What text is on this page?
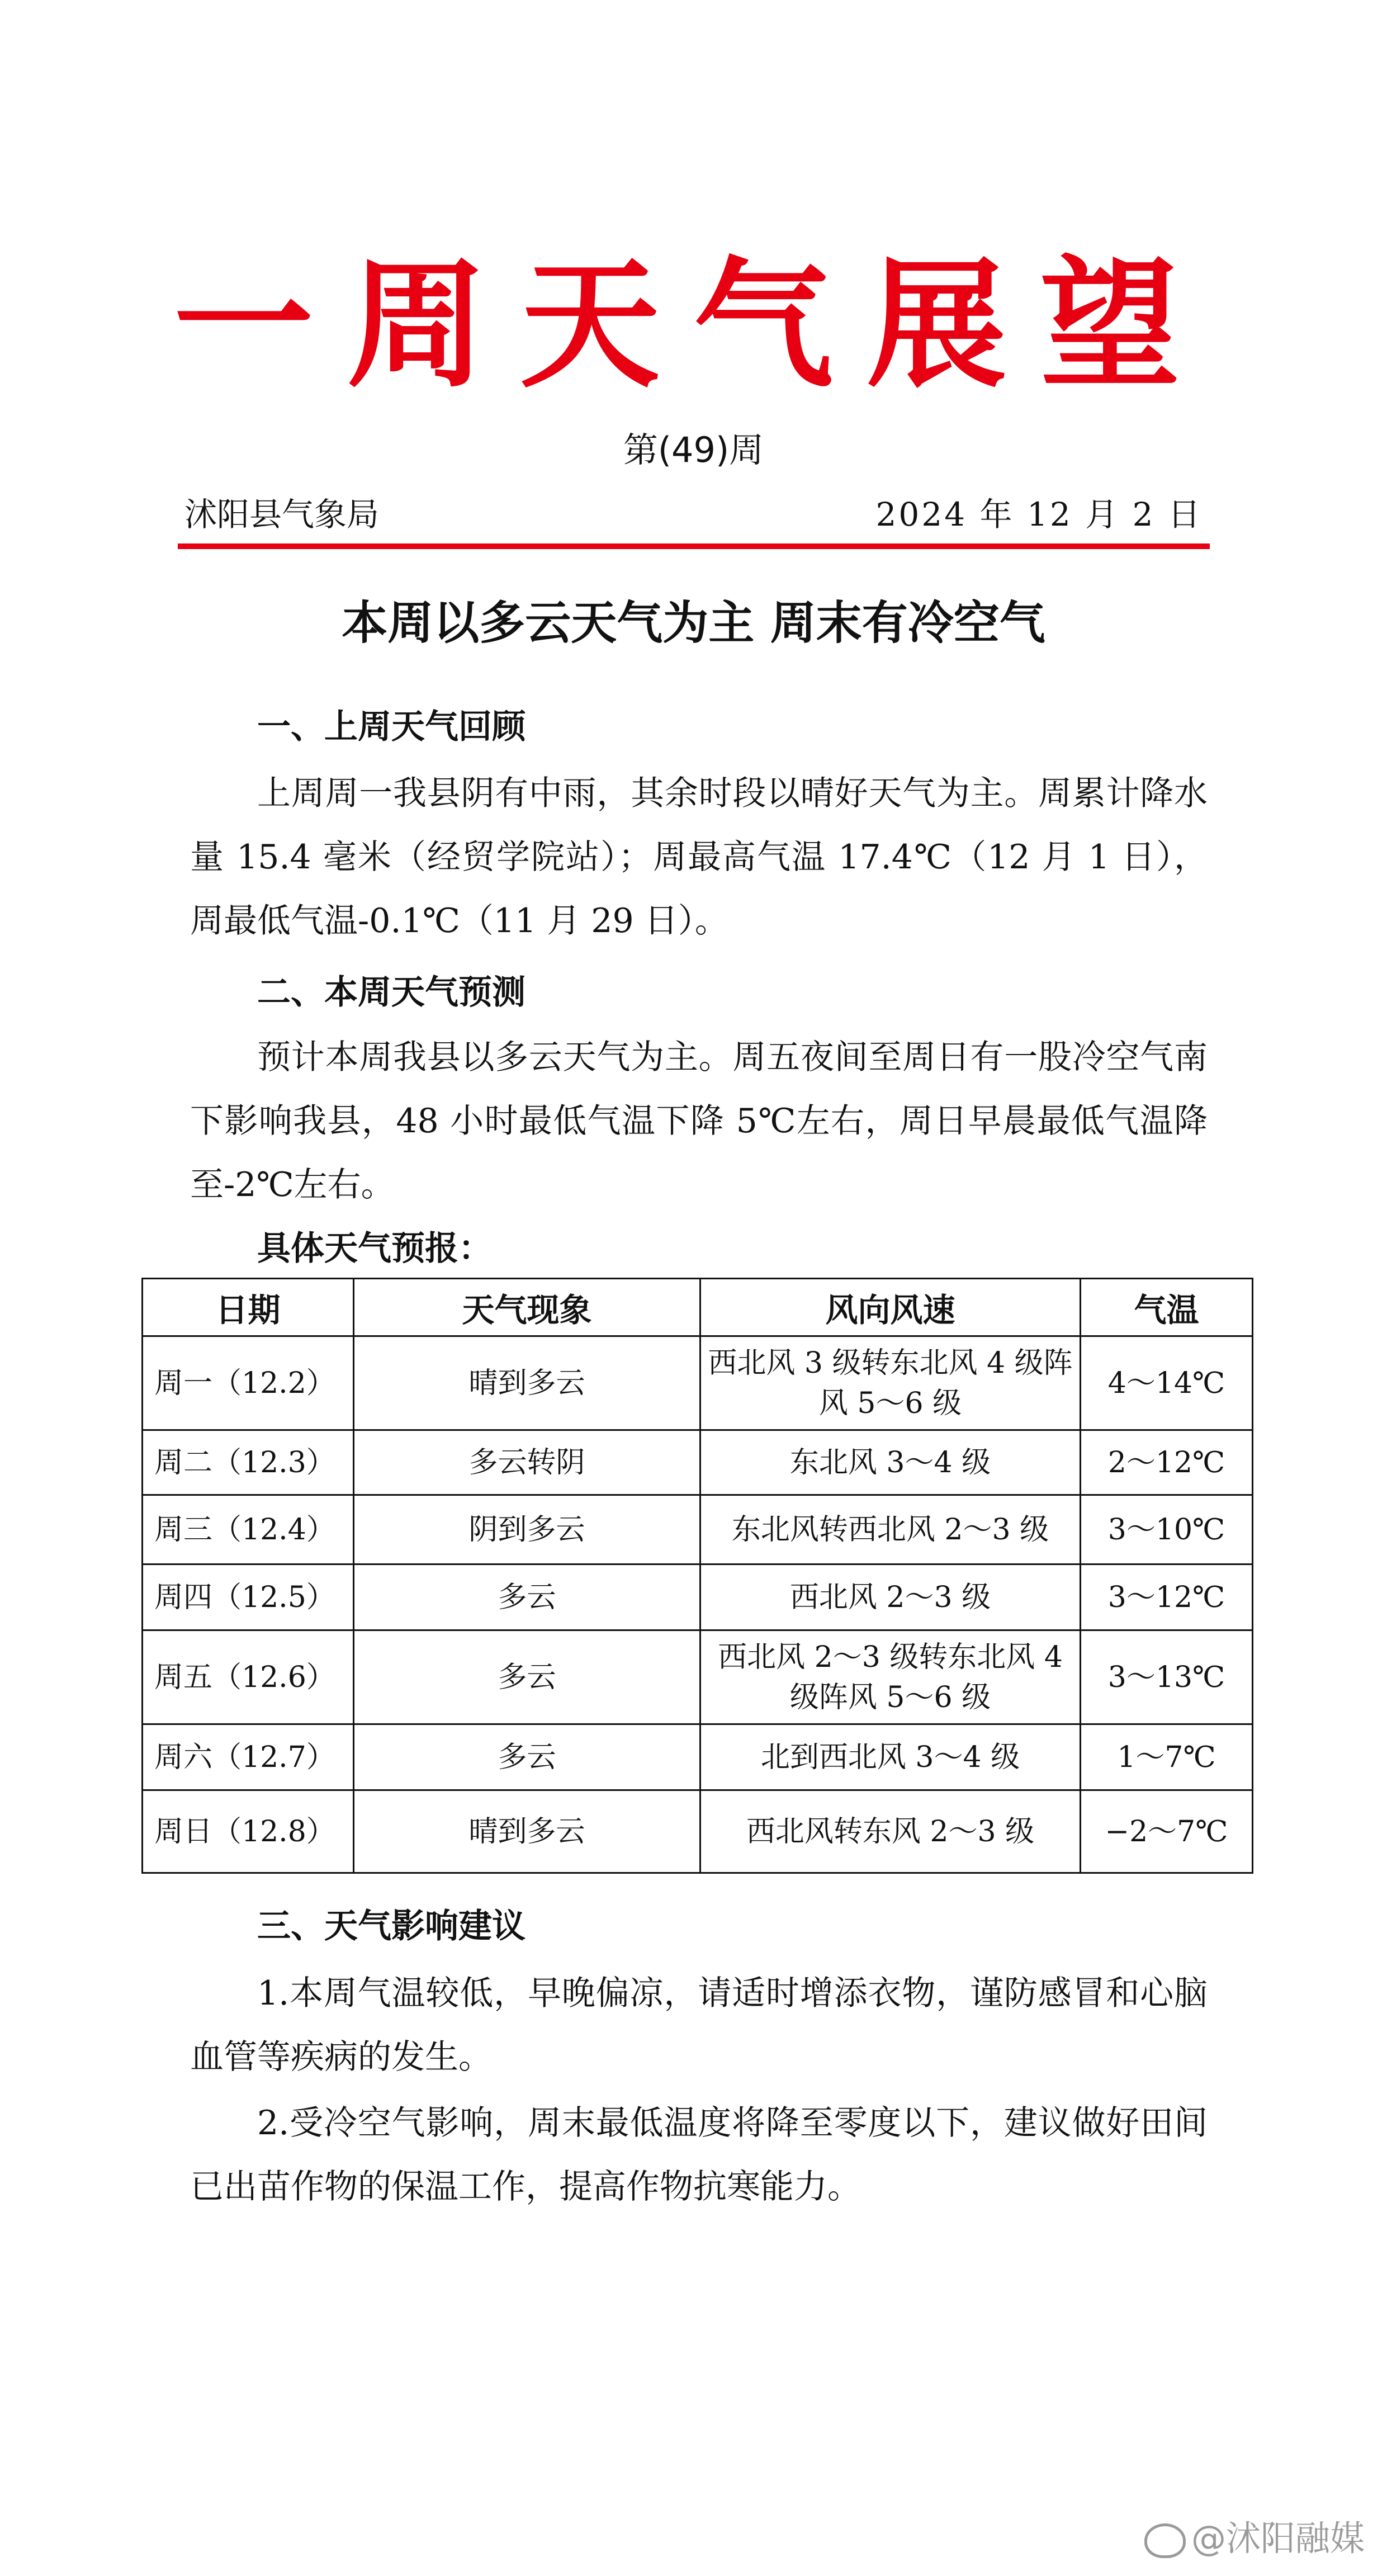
一周天气展望
第(49)周
沭阳县气象局	2024 年 12 月 2 日
本周以多云天气为主 周末有冷空气
一、上周天气回顾

上周周一我县阴有中雨，其余时段以晴好天气为主。周累计降水量 15.4 毫米（经贸学院站）；周最高气温 17.4℃（12 月 1 日），周最低气温-0.1℃（11 月 29 日）。

二、本周天气预测

预计本周我县以多云天气为主。周五夜间至周日有一股冷空气南下影响我县，48 小时最低气温下降 5℃左右，周日早晨最低气温降至-2℃左右。

具体天气预报：
日期	天气现象	风向风速	气温
周一（12.2）	晴到多云	西北风 3 级转东北风 4 级阵风 5～6 级	4～14℃
周二（12.3）	多云转阴	东北风 3～4 级	2～12℃
周三（12.4）	阴到多云	东北风转西北风 2～3 级	3～10℃
周四（12.5）	多云	西北风 2～3 级	3～12℃
周五（12.6）	多云	西北风 2～3 级转东北风 4 级阵风 5～6 级	3～13℃
周六（12.7）	多云	北到西北风 3～4 级	1～7℃
周日（12.8）	晴到多云	西北风转东风 2～3 级	−2～7℃
三、天气影响建议

1.本周气温较低，早晚偏凉，请适时增添衣物，谨防感冒和心脑血管等疾病的发生。

2.受冷空气影响，周末最低温度将降至零度以下，建议做好田间已出苗作物的保温工作，提高作物抗寒能力。

@沭阳融媒
